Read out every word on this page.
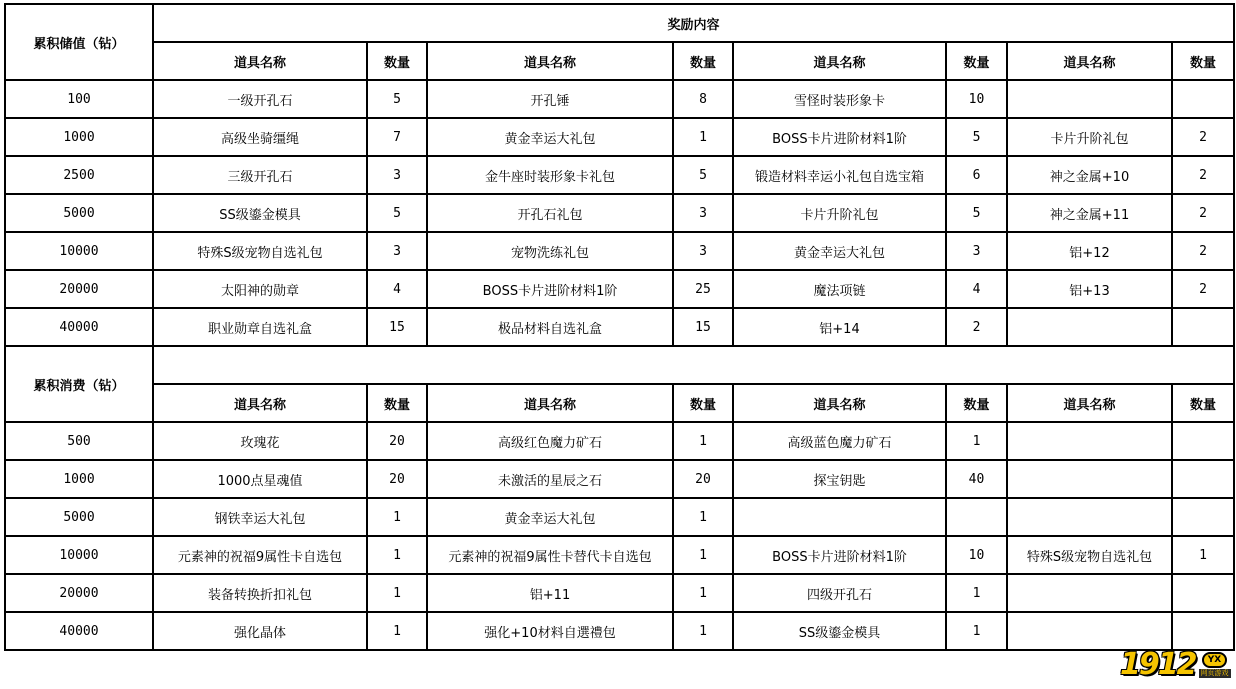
累积储值（钻）	奖励内容							
	道具名称	数量	道具名称	数量	道具名称	数量	道具名称	数量
100	一级开孔石	5	开孔锤	8	雪怪时装形象卡	10		
1000	高级坐骑缰绳	7	黄金幸运大礼包	1	BOSS卡片进阶材料1阶	5	卡片升阶礼包	2
2500	三级开孔石	3	金牛座时装形象卡礼包	5	锻造材料幸运小礼包自选宝箱	6	神之金属+10	2
5000	SS级鎏金模具	5	开孔石礼包	3	卡片升阶礼包	5	神之金属+11	2
10000	特殊S级宠物自选礼包	3	宠物洗练礼包	3	黄金幸运大礼包	3	铝+12	2
20000	太阳神的勋章	4	BOSS卡片进阶材料1阶	25	魔法项链	4	铝+13	2
40000	职业勋章自选礼盒	15	极品材料自选礼盒	15	铝+14	2		
累积消费（钻）								
	道具名称	数量	道具名称	数量	道具名称	数量	道具名称	数量
500	玫瑰花	20	高级红色魔力矿石	1	高级蓝色魔力矿石	1		
1000	1000点星魂值	20	未激活的星辰之石	20	探宝钥匙	40		
5000	钢铁幸运大礼包	1	黄金幸运大礼包	1				
10000	元素神的祝福9属性卡自选包	1	元素神的祝福9属性卡替代卡自选包	1	BOSS卡片进阶材料1阶	10	特殊S级宠物自选礼包	1
20000	装备转换折扣礼包	1	铝+11	1	四级开孔石	1		
40000	强化晶体	1	强化+10材料自選禮包	1	SS级鎏金模具	1		
1912	YX
网页游戏
